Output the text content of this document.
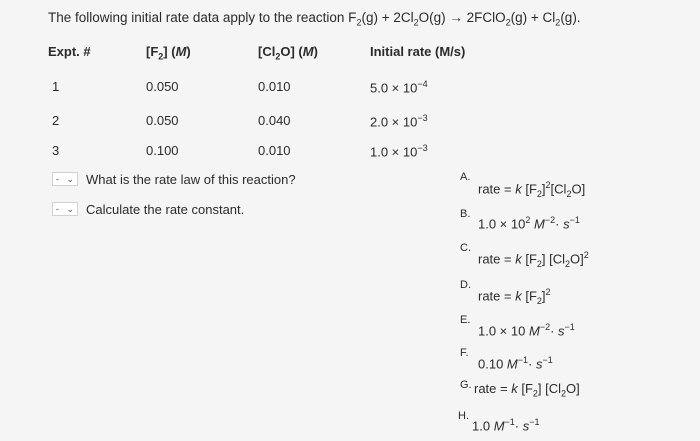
The following initial rate data apply to the reaction $F_2(g) + 2Cl_2O(g)$ → 2FClO$_2$(g) + $Cl_2(g)$.
Expt. #	$[F_2]$ (M)	$[Cl_2O]$ (M)	Initial rate (M/s)
1	0.050	0.010	$5.0 \times 10^{-4}$
2	0.050	0.040	$2.0 \times 10^{-3}$
3	0.100	0.010	$1.0 \times 10^{-3}$
- ⌄ What is the rate law of this reaction?
- ⌄ Calculate the rate constant.
A.
rate = k $[F_2]^2[Cl_2O]$
B.
$1.0 \times 10^2$ $M^{-2}\cdot s^{-1}$
C.
rate = k $[F_2]$ $[Cl_2O]^2$
D.
rate = k $[F_2]^2$
E.
1.0 × 10 $M^{-2}\cdot s^{-1}$
F.
0.10 $M^{-1}\cdot s^{-1}$
G. rate = k $[F_2]$ $[Cl_2O]$
H.
1.0 $M^{-1}\cdot s^{-1}$
